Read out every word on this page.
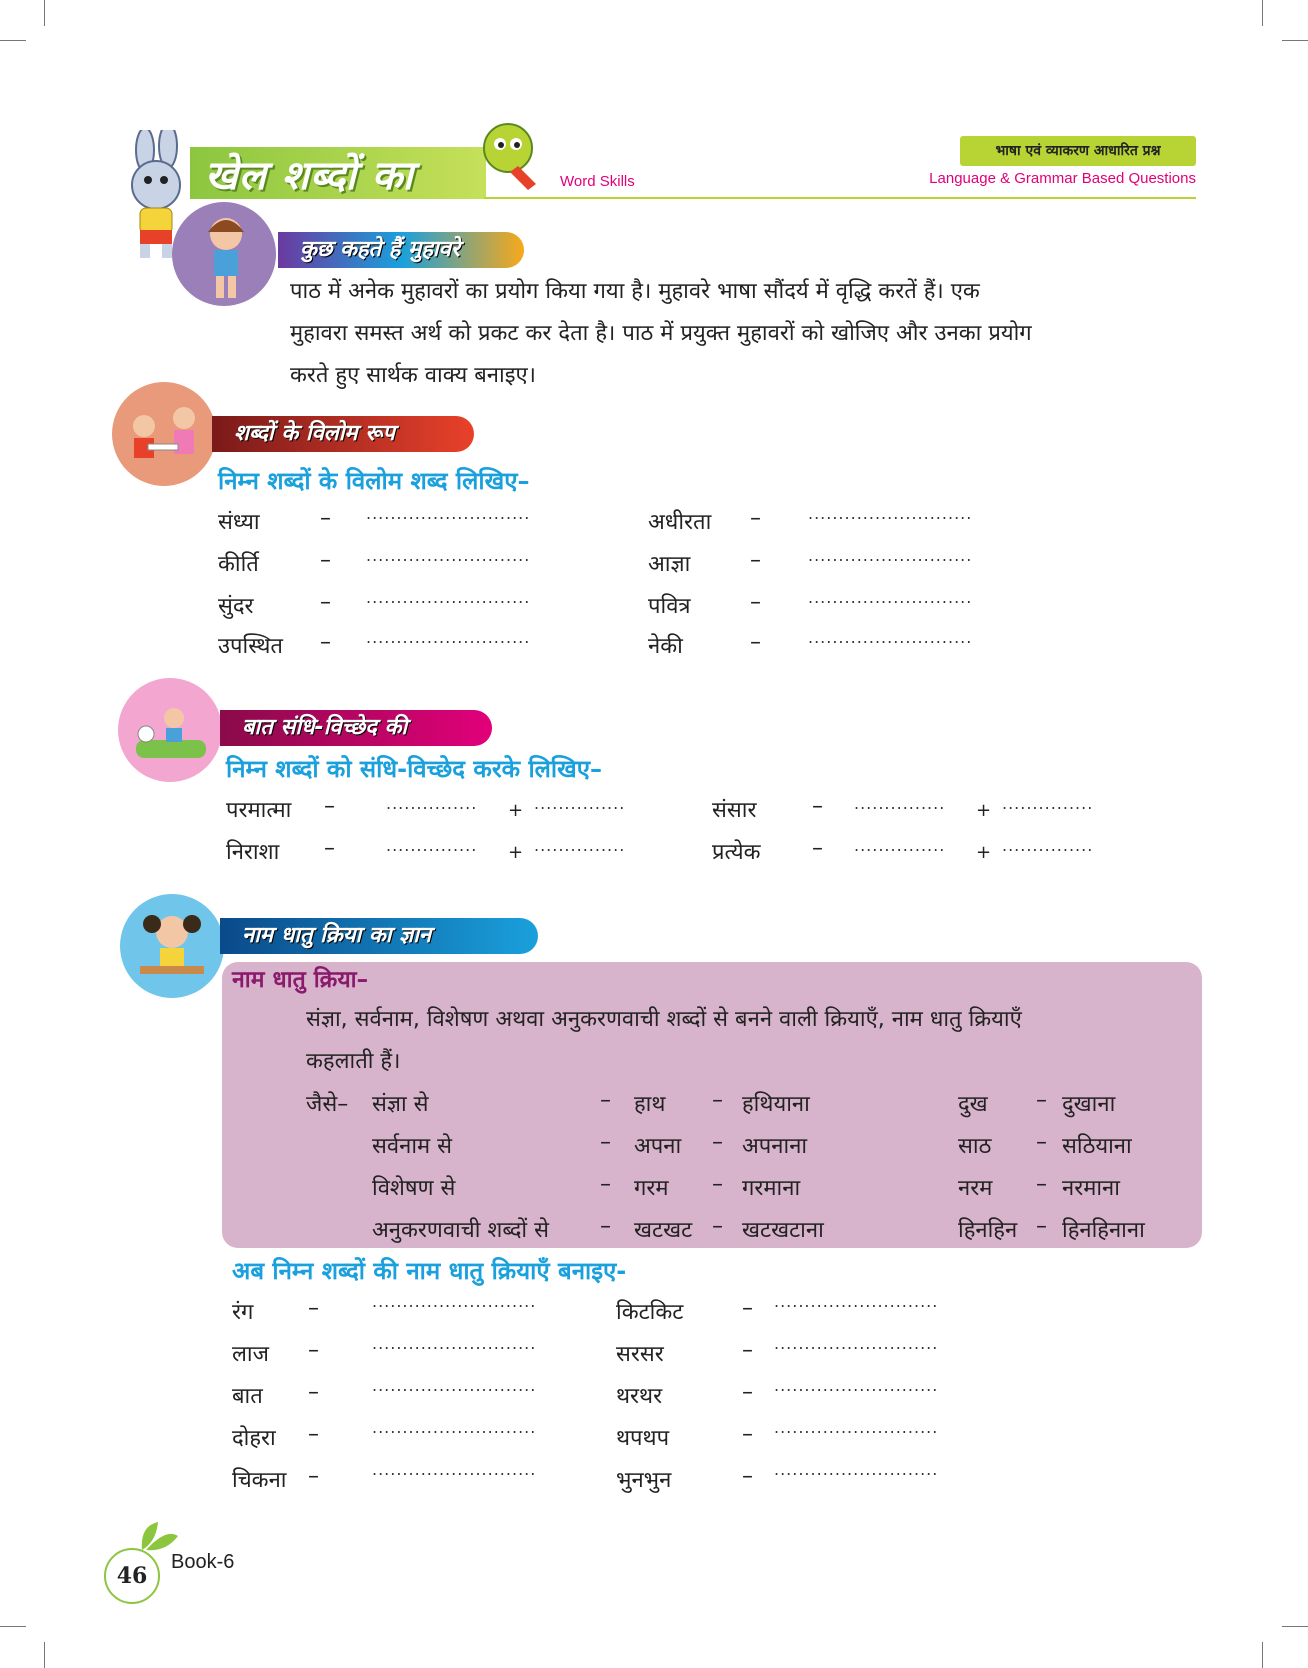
खेल शब्दों का	Word Skills
भाषा एवं व्याकरण आधारित प्रश्न
Language & Grammar Based Questions
कुछ कहते हैं मुहावरे
पाठ में अनेक मुहावरों का प्रयोग किया गया है। मुहावरे भाषा सौंदर्य में वृद्धि करतें हैं। एक
मुहावरा समस्त अर्थ को प्रकट कर देता है। पाठ में प्रयुक्त मुहावरों को खोजिए और उनका प्रयोग
करते हुए सार्थक वाक्य बनाइए।
शब्दों के विलोम रूप
निम्न शब्दों के विलोम शब्द लिखिए–
संध्या
कीर्ति
सुंदर
उपस्थित
–
–
–
–
...........................
...........................
...........................
...........................
अधीरता
आज्ञा
पवित्र
नेकी
–
–
–
–
...........................
...........................
...........................
...........................
बात संधि-विच्छेद की
निम्न शब्दों को संधि-विच्छेद करके लिखिए–
परमात्मा
निराशा
–
–
...............
...............
+
+
...............
...............
संसार
प्रत्येक
–
–
...............
...............
+
+
...............
...............
नाम धातु क्रिया का ज्ञान
नाम धातु क्रिया–
संज्ञा, सर्वनाम, विशेषण अथवा अनुकरणवाची शब्दों से बनने वाली क्रियाएँ, नाम धातु क्रियाएँ
कहलाती हैं।
जैसे– संज्ञा से
सर्वनाम से
विशेषण से
अनुकरणवाची शब्दों से
–
–
–
–
हाथ
अपना
गरम
खटखट
–
–
–
–
हथियाना
अपनाना
गरमाना
खटखटाना
दुख
साठ
नरम
हिनहिन
–
–
–
–
दुखाना
सठियाना
नरमाना
हिनहिनाना
अब निम्न शब्दों की नाम धातु क्रियाएँ बनाइए-
रंग
लाज
बात
दोहरा
चिकना
–
–
–
–
–
...........................
...........................
...........................
...........................
...........................
किटकिट
सरसर
थरथर
थपथप
भुनभुन
–
–
–
–
–
...........................
...........................
...........................
...........................
...........................
46
Book-6
